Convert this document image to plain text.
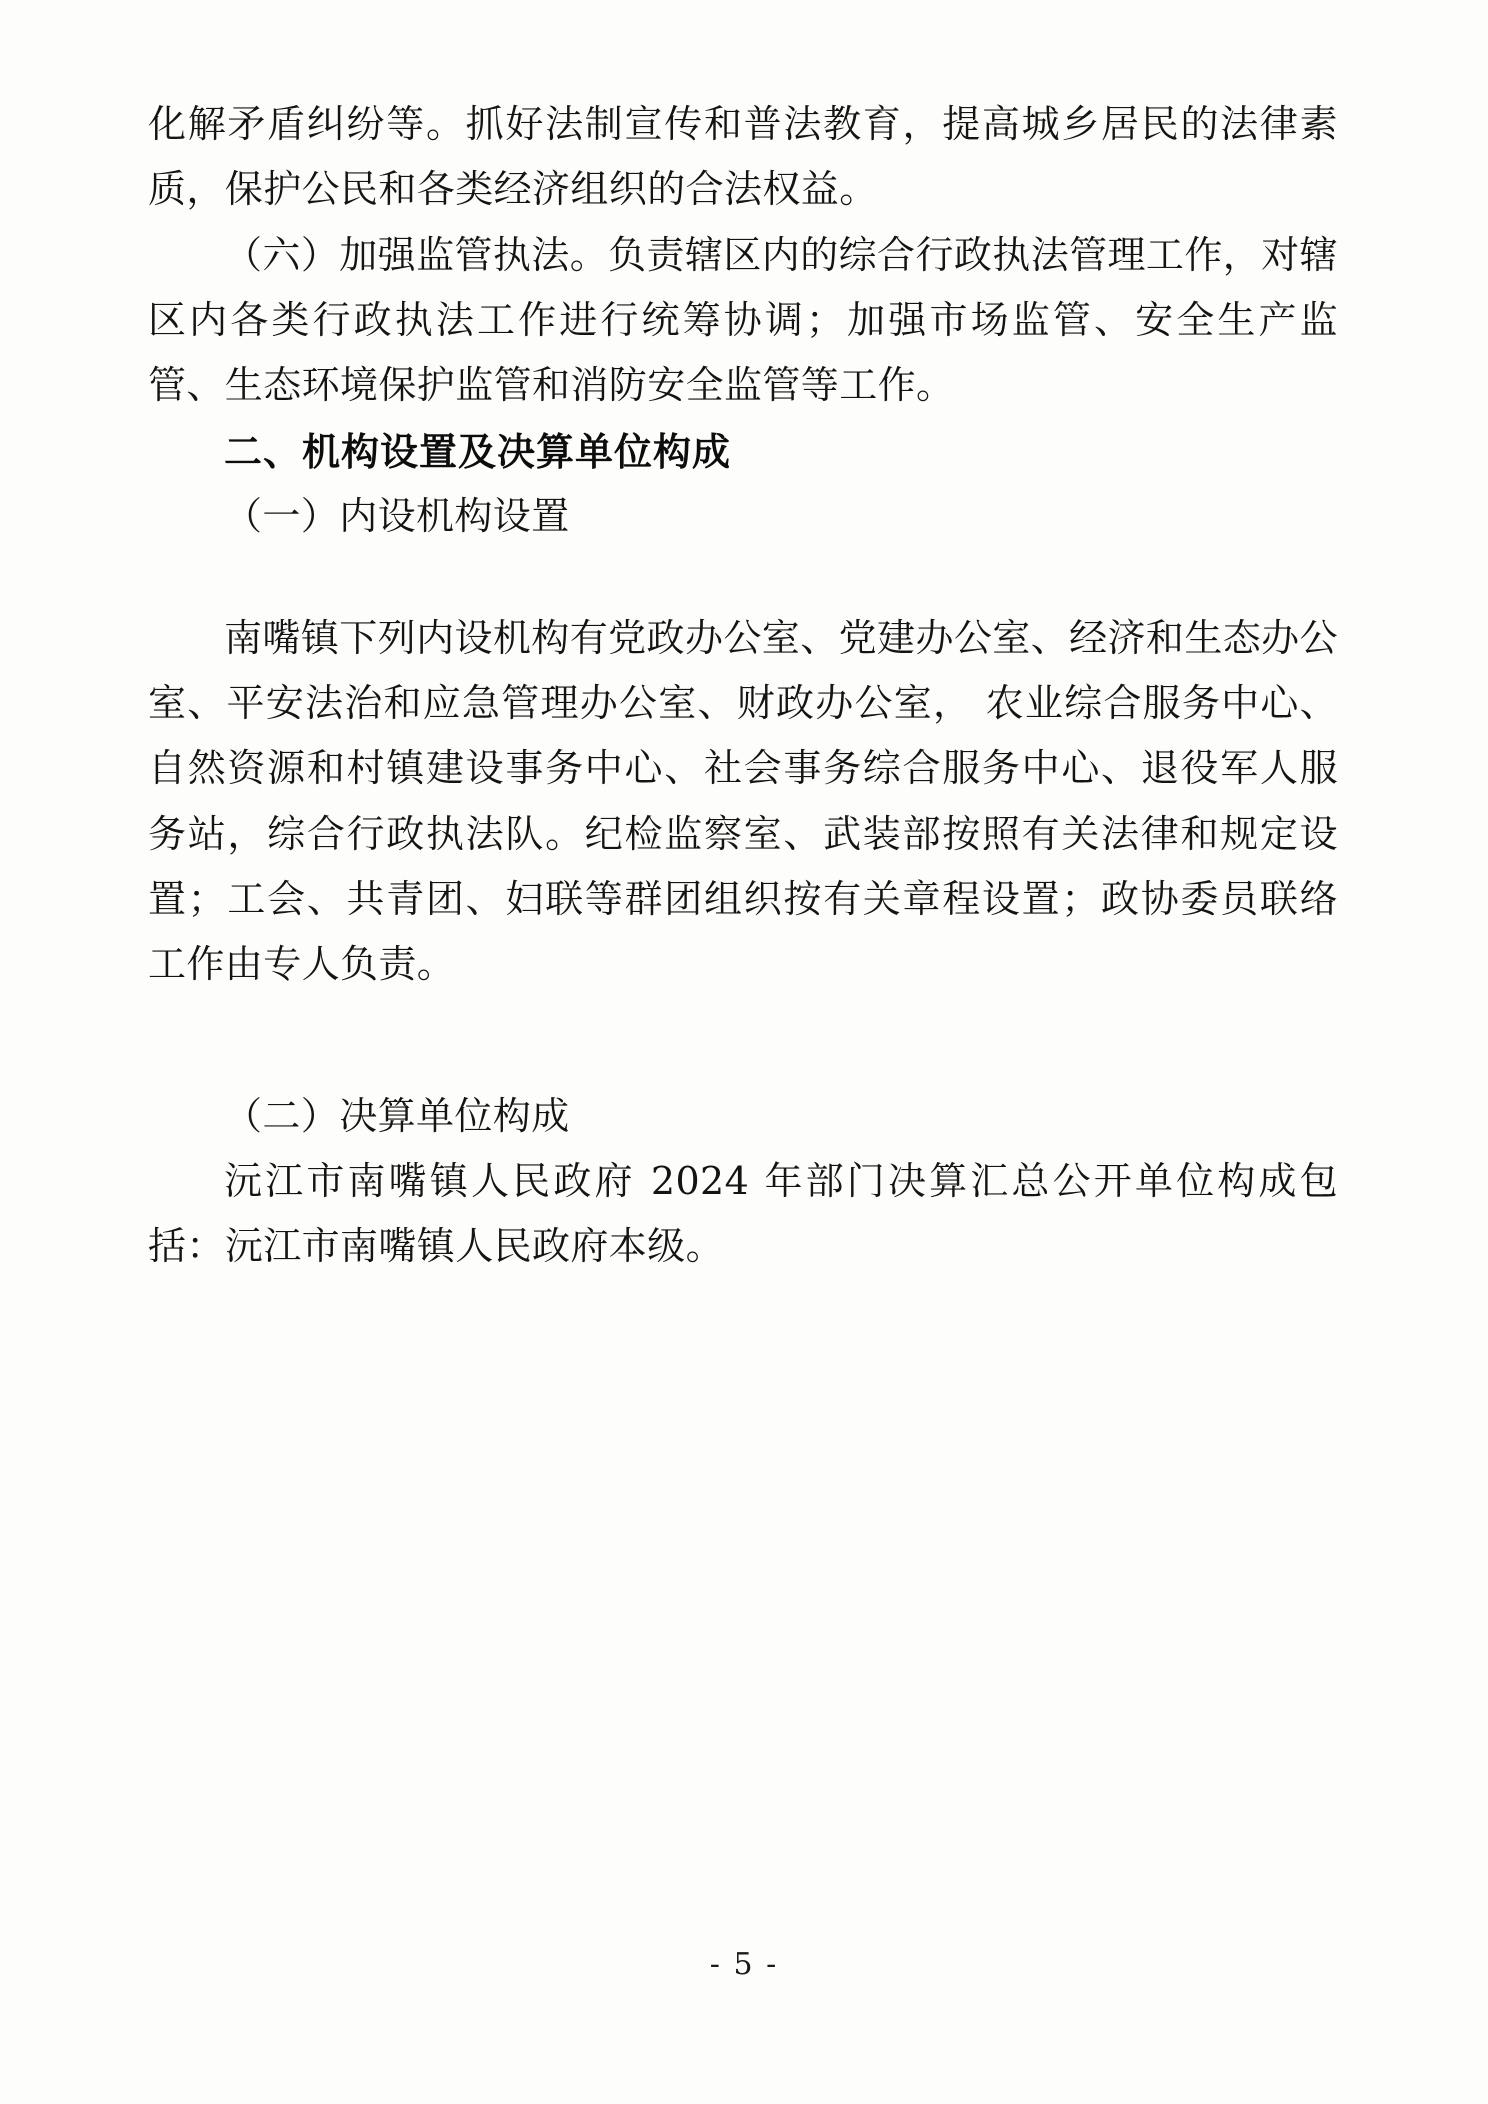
化解矛盾纠纷等。抓好法制宣传和普法教育，提高城乡居民的法律素质，保护公民和各类经济组织的合法权益。

（六）加强监管执法。负责辖区内的综合行政执法管理工作，对辖区内各类行政执法工作进行统筹协调；加强市场监管、安全生产监管、生态环境保护监管和消防安全监管等工作。

二、机构设置及决算单位构成

（一）内设机构设置

南嘴镇下列内设机构有党政办公室、党建办公室、经济和生态办公室、平安法治和应急管理办公室、财政办公室， 农业综合服务中心、自然资源和村镇建设事务中心、社会事务综合服务中心、退役军人服务站，综合行政执法队。纪检监察室、武装部按照有关法律和规定设置；工会、共青团、妇联等群团组织按有关章程设置；政协委员联络工作由专人负责。

（二）决算单位构成

沅江市南嘴镇人民政府 2024 年部门决算汇总公开单位构成包括：沅江市南嘴镇人民政府本级。

- 5 -
